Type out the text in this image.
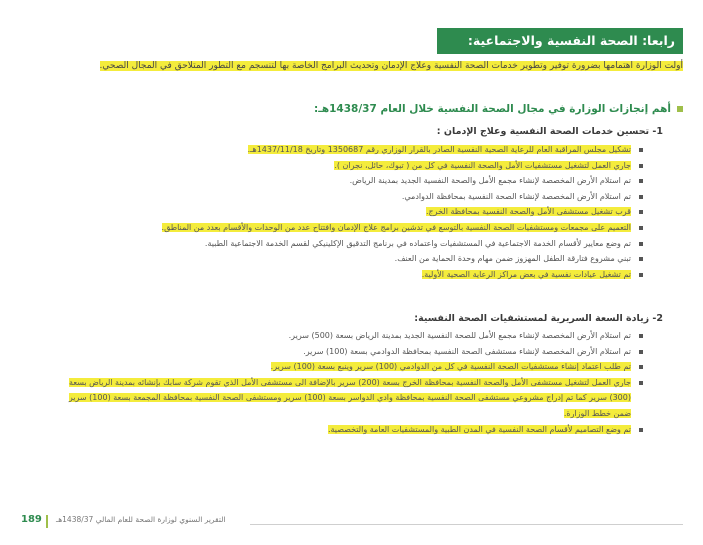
رابعا: الصحة النفسية والاجتماعية:
أولت الوزارة اهتمامها بضرورة توفير وتطوير خدمات الصحة النفسية وعلاج الإدمان وتحديث البرامج الخاصة بها لتنسجم مع التطور المتلاحق في المجال الصحي.
أهم إنجازات الوزارة في مجال الصحة النفسية خلال العام 1438/37هـ:
1- تحسين خدمات الصحة النفسية وعلاج الإدمان :
تشكيل مجلس المراقبة العام للرعاية الصحية النفسية الصادر بالقرار الوزاري رقم 1350687 وتاريخ 1437/11/18هـ.
جاري العمل لتشغيل مستشفيات الأمل والصحة النفسية في كل من ( تبوك، حائل، نجران ).
تم استلام الأرض المخصصة لإنشاء مجمع الأمل والصحة النفسية الجديد بمدينة الرياض.
تم استلام الأرض المخصصة لإنشاء الصحة النفسية بمحافظة الدوادمي.
قرب تشغيل مستشفى الأمل والصحة النفسية بمحافظة الخرج.
التعميم على مجمعات ومستشفيات الصحة النفسية بالتوسع في تدشين برامج علاج الإدمان وافتتاح عدد من الوحدات والأقسام بعدد من المناطق.
تم وضع معايير لأقسام الخدمة الاجتماعية في المستشفيات واعتماده في برنامج التدقيق الإكلينيكي لقسم الخدمة الاجتماعية الطبية.
تبني مشروع فتارقة الطفل المهزوز ضمن مهام وحدة الحماية من العنف.
تم تشغيل عيادات نفسية في بعض مراكز الرعاية الصحية الأولية.
2- زيادة السعة السريرية لمستشفيات الصحة النفسية:
تم استلام الأرض المخصصة لإنشاء مجمع الأمل للصحة النفسية الجديد بمدينة الرياض بسعة (500) سرير.
تم استلام الأرض المخصصة لإنشاء مستشفى الصحة النفسية بمحافظة الدوادمي بسعة (100) سرير.
تم طلب اعتماد إنشاء مستشفيات الصحة النفسية في كل من الدوادمي (100) سرير وينبع بسعة (100) سرير.
جاري العمل لتشغيل مستشفى الأمل والصحة النفسية بمحافظة الخرج بسعة (200) سرير بالإضافة الى مستشفى الأمل الذي تقوم شركة سابك بإنشائه بمدينة الرياض بسعة (300) سرير كما تم إدراج مشروعي مستشفى الصحة النفسية بمحافظة وادي الدواسر بسعة (100) سرير ومستشفى الصحة النفسية بمحافظة المجمعة بسعة (100) سرير ضمن خطط الوزارة.
تم وضع التصاميم لأقسام الصحة النفسية في المدن الطبية والمستشفيات العامة والتخصصية.
189 التقرير السنوي لوزارة الصحة للعام المالي 1438/37هـ
